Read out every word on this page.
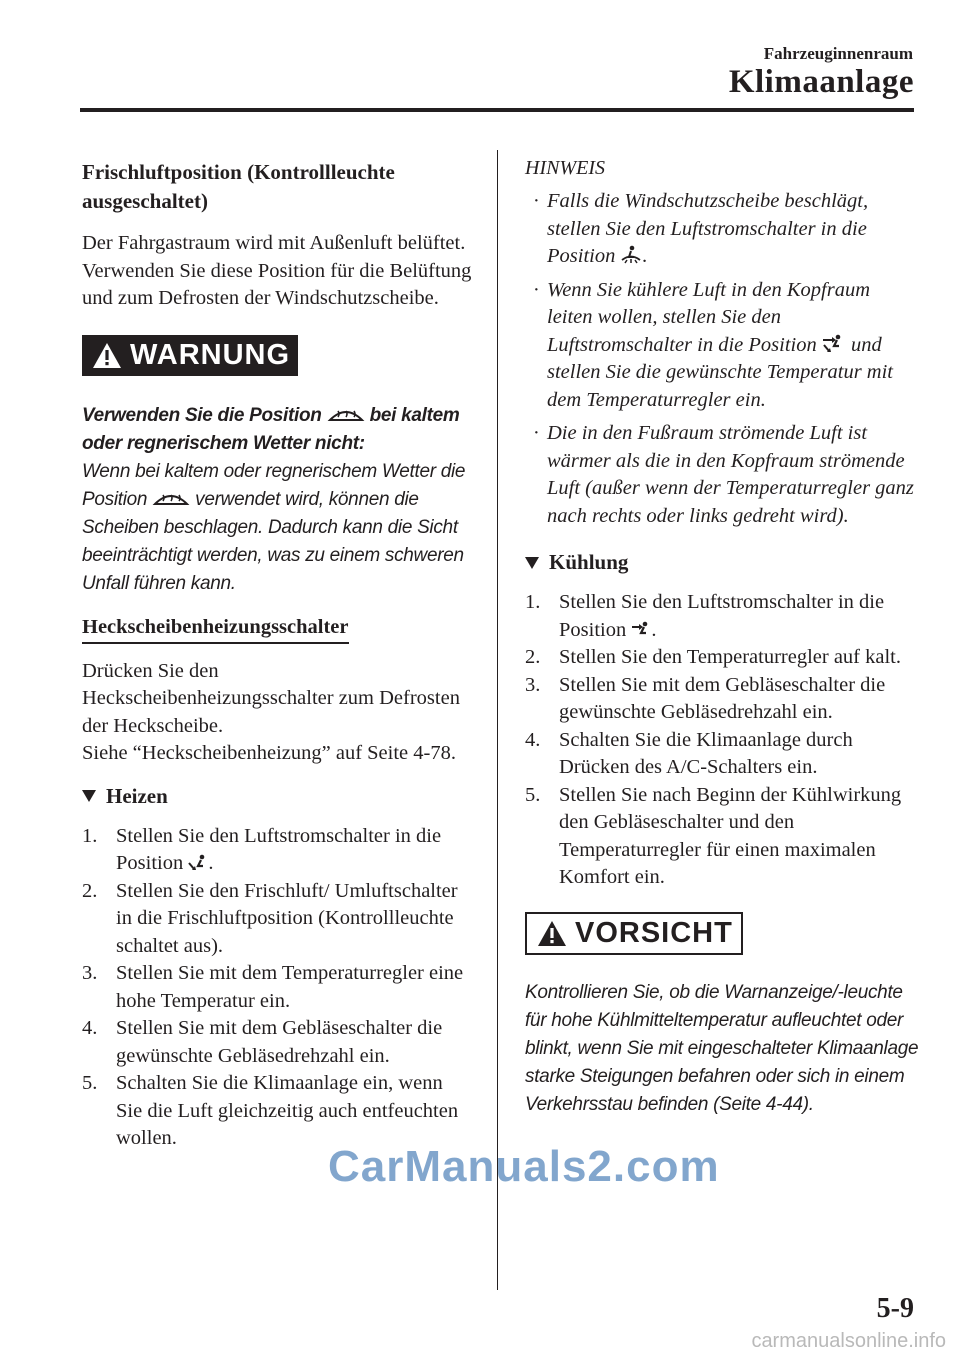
Fahrzeuginnenraum
Klimaanlage

Frischluftposition (Kontrollleuchte ausgeschaltet)

Der Fahrgastraum wird mit Außenluft belüftet. Verwenden Sie diese Position für die Belüftung und zum Defrosten der Windschutzscheibe.

WARNUNG
Verwenden Sie die Position	bei kaltem oder regnerischem Wetter nicht:
Wenn bei kaltem oder regnerischem Wetter die Position	verwendet wird, können die Scheiben beschlagen. Dadurch kann die Sicht beeinträchtigt werden, was zu einem schweren Unfall führen kann.
Heckscheibenheizungsschalter

Drücken Sie den Heckscheibenheizungsschalter zum Defrosten der Heckscheibe.

Siehe “Heckscheibenheizung” auf Seite 4-78.

Heizen
1. Stellen Sie den Luftstromschalter in die Position .
2. Stellen Sie den Frischluft/ Umluftschalter in die Frischluftposition (Kontrollleuchte schaltet aus).
3. Stellen Sie mit dem Temperaturregler eine hohe Temperatur ein.
4. Stellen Sie mit dem Gebläseschalter die gewünschte Gebläsedrehzahl ein.
5. Schalten Sie die Klimaanlage ein, wenn Sie die Luft gleichzeitig auch entfeuchten wollen.

HINWEIS

· Falls die Windschutzscheibe beschlägt, stellen Sie den Luftstromschalter in die Position .
· Wenn Sie kühlere Luft in den Kopfraum leiten wollen, stellen Sie den Luftstromschalter in die Position und stellen Sie die gewünschte Temperatur mit dem Temperaturregler ein.
· Die in den Fußraum strömende Luft ist wärmer als die in den Kopfraum strömende Luft (außer wenn der Temperaturregler ganz nach rechts oder links gedreht wird).
Kühlung
1. Stellen Sie den Luftstromschalter in die Position .
2. Stellen Sie den Temperaturregler auf kalt.
3. Stellen Sie mit dem Gebläseschalter die gewünschte Gebläsedrehzahl ein.
4. Schalten Sie die Klimaanlage durch Drücken des A/C-Schalters ein.
5. Stellen Sie nach Beginn der Kühlwirkung den Gebläseschalter und den Temperaturregler für einen maximalen Komfort ein.
VORSICHT

Kontrollieren Sie, ob die Warnanzeige/-leuchte für hohe Kühlmitteltemperatur aufleuchtet oder blinkt, wenn Sie mit eingeschalteter Klimaanlage starke Steigungen befahren oder sich in einem Verkehrsstau befinden (Seite 4-44).

5-9
CarManuals2.com
carmanualsonline.info
